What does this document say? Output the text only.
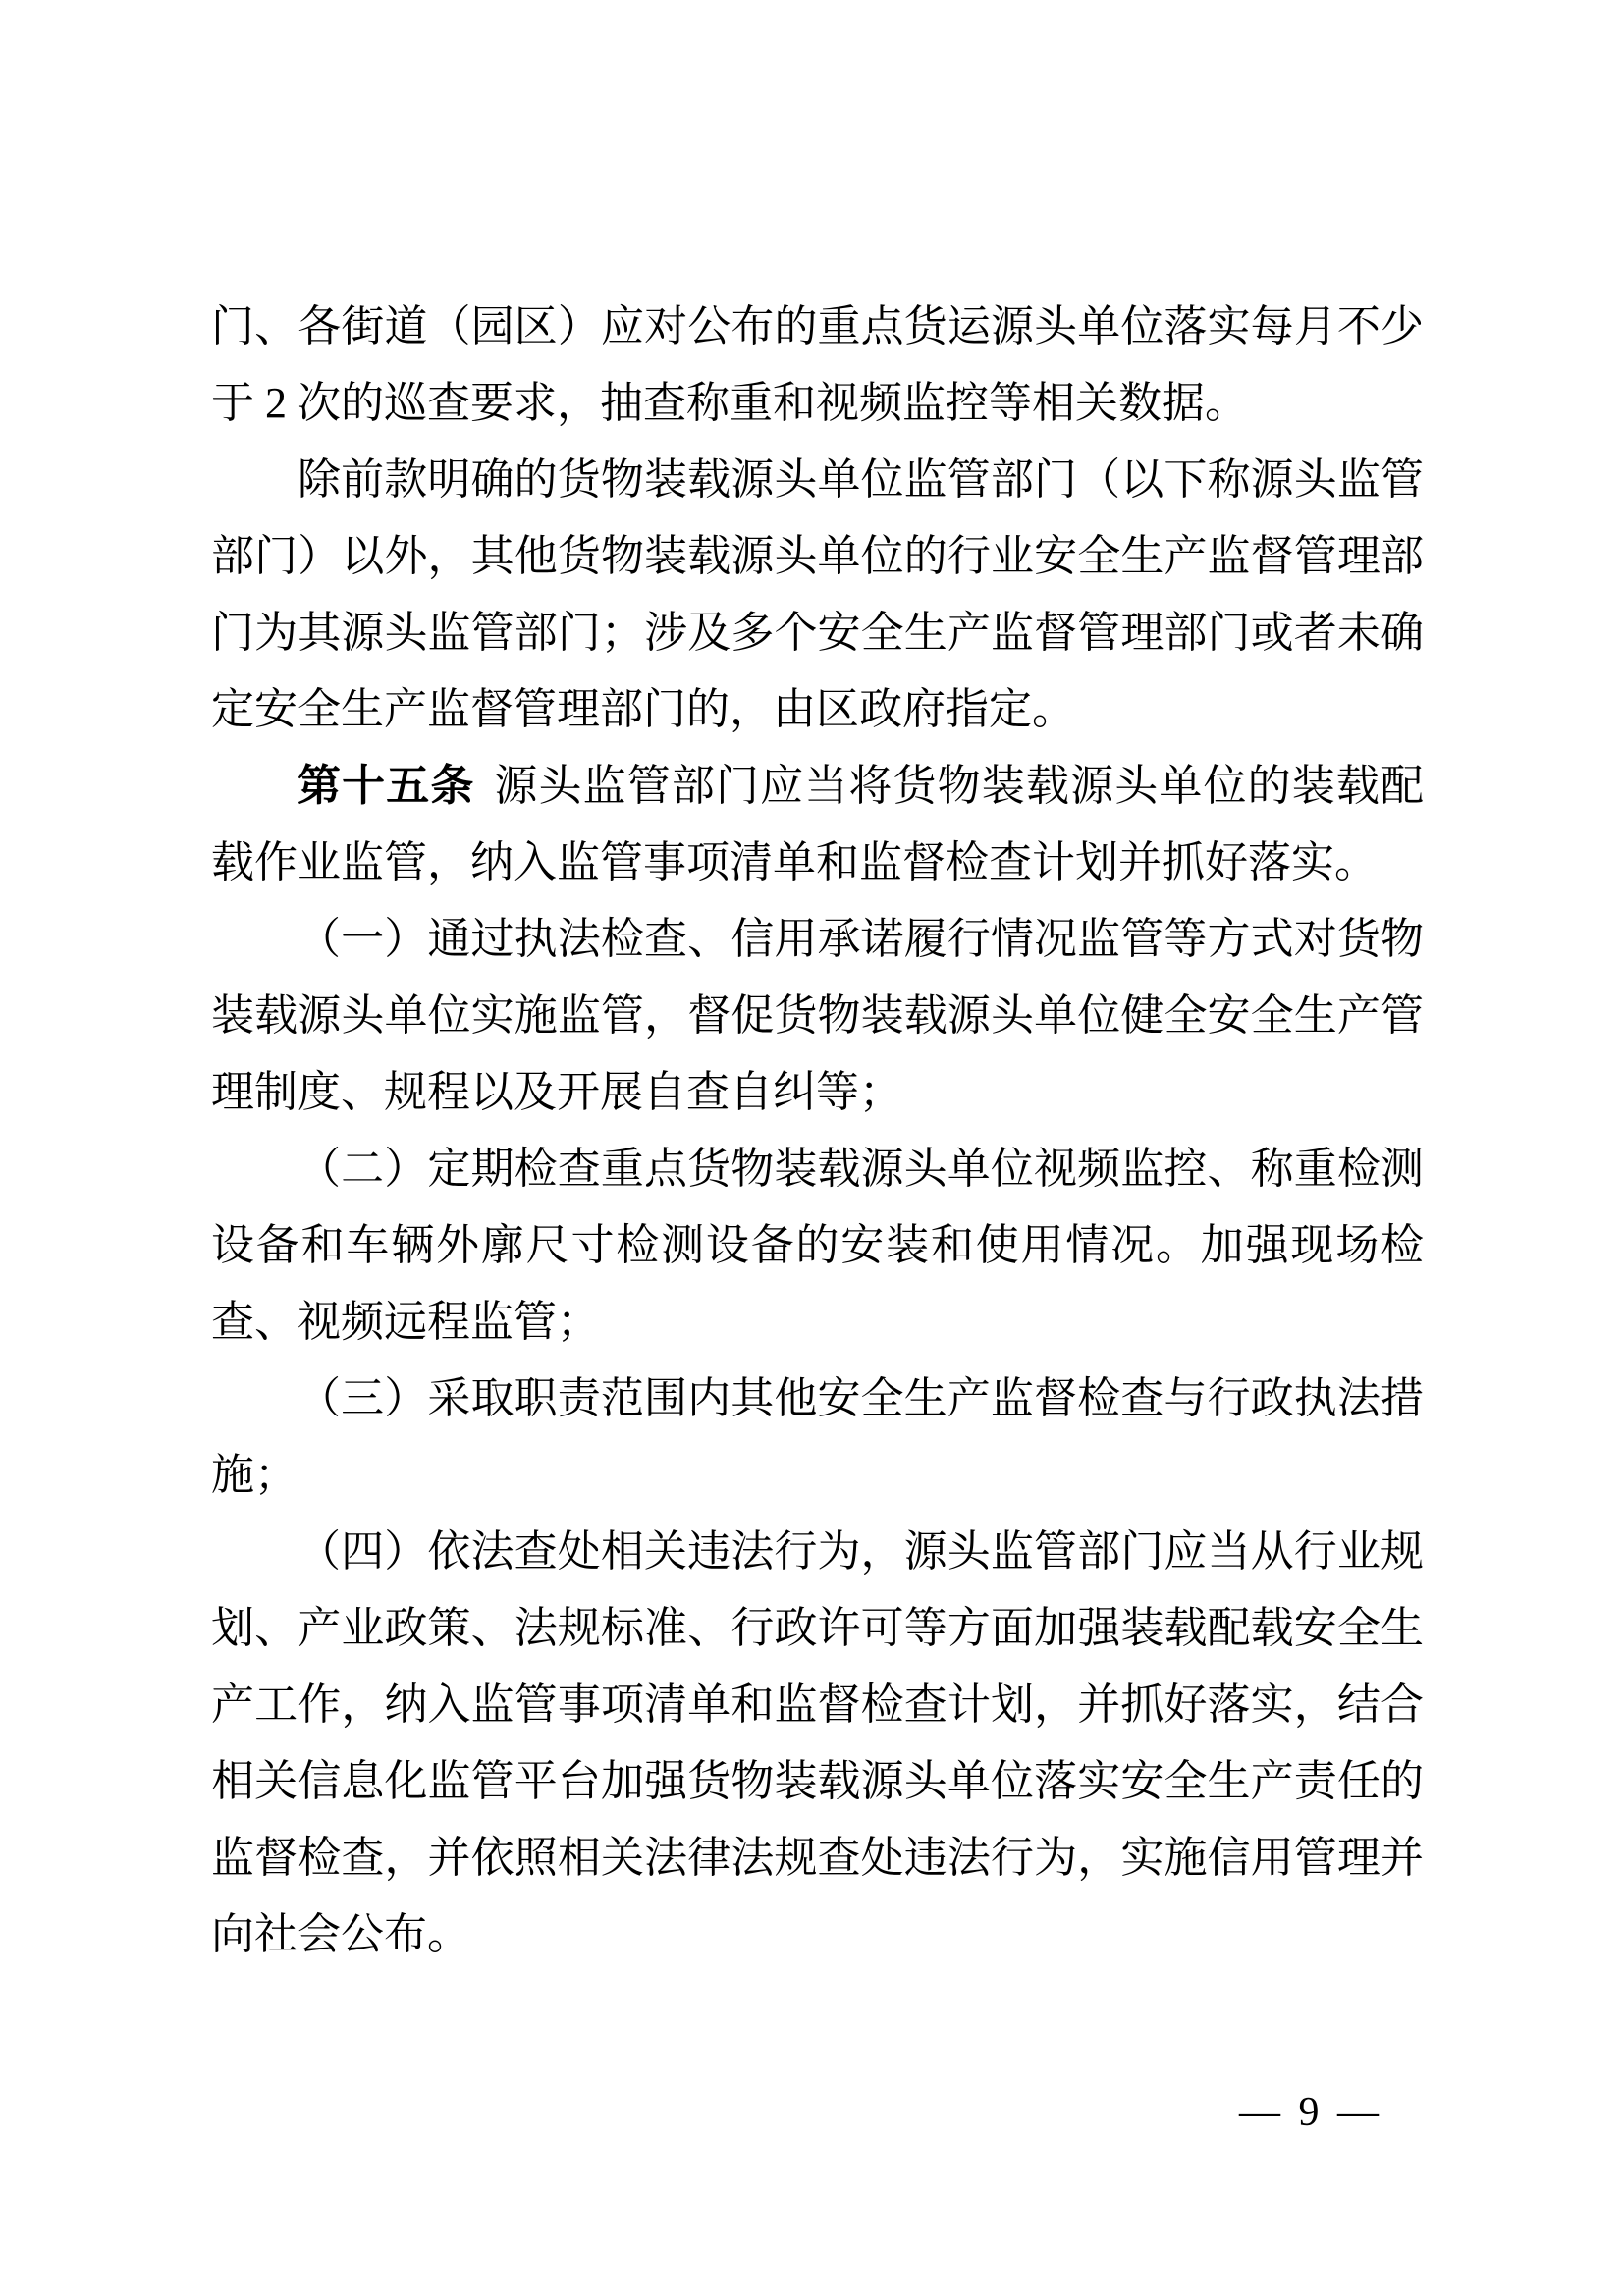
门、各街道（园区）应对公布的重点货运源头单位落实每月不少于 2 次的巡查要求，抽查称重和视频监控等相关数据。

除前款明确的货物装载源头单位监管部门（以下称源头监管部门）以外，其他货物装载源头单位的行业安全生产监督管理部门为其源头监管部门；涉及多个安全生产监督管理部门或者未确定安全生产监督管理部门的，由区政府指定。

第十五条 源头监管部门应当将货物装载源头单位的装载配载作业监管，纳入监管事项清单和监督检查计划并抓好落实。

（一）通过执法检查、信用承诺履行情况监管等方式对货物装载源头单位实施监管，督促货物装载源头单位健全安全生产管理制度、规程以及开展自查自纠等；

（二）定期检查重点货物装载源头单位视频监控、称重检测设备和车辆外廓尺寸检测设备的安装和使用情况。加强现场检查、视频远程监管；

（三）采取职责范围内其他安全生产监督检查与行政执法措施；

（四）依法查处相关违法行为，源头监管部门应当从行业规划、产业政策、法规标准、行政许可等方面加强装载配载安全生产工作，纳入监管事项清单和监督检查计划，并抓好落实，结合相关信息化监管平台加强货物装载源头单位落实安全生产责任的监督检查，并依照相关法律法规查处违法行为，实施信用管理并向社会公布。

— 9 —
